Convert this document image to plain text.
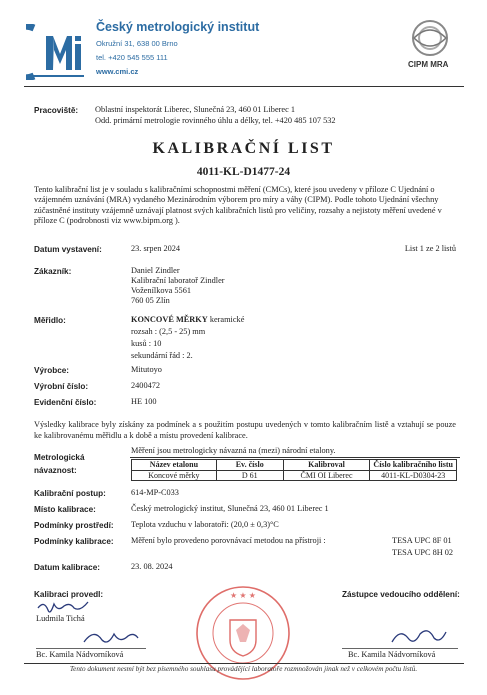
Český metrologický institut
Okružní 31, 638 00 Brno
tel. +420 545 555 111
www.cmi.cz
CIPM MRA
Pracoviště: Oblastní inspektorát Liberec, Slunečná 23, 460 01 Liberec 1
Odd. primární metrologie rovinného úhlu a délky, tel. +420 485 107 532
KALIBRAČNÍ LIST
4011-KL-D1477-24
Tento kalibrační list je v souladu s kalibračními schopnostmi měření (CMCs), které jsou uvedeny v příloze C Ujednání o vzájemném uznávání (MRA) vydaného Mezinárodním výborem pro míry a váhy (CIPM). Podle tohoto Ujednání všechny zúčastněné instituty vzájemně uznávají platnost svých kalibračních listů pro veličiny, rozsahy a nejistoty měření uvedené v příloze C (podrobnosti viz www.bipm.org ).
Datum vystavení:	23. srpen 2024	List 1 ze 2 listů
Zákazník:	Daniel Zindler
Kalibrační laboratoř Zindler
Voženílkova 5561
760 05 Zlín
Měřidlo:	KONCOVÉ MĚRKY keramické
rozsah : (2,5 - 25) mm
kusů : 10
sekundární řád : 2.
Výrobce:	Mitutoyo
Výrobní číslo:	2400472
Evidenční číslo:	HE 100
Výsledky kalibrace byly získány za podmínek a s použitím postupu uvedených v tomto kalibračním listě a vztahují se pouze ke kalibrovanému měřidlu a k době a místu provedení kalibrace.
Metrologická návaznost:
Měření jsou metrologicky návazná na (mezi) národní etalony.
Název etalonu	Ev. číslo	Kalibroval	Číslo kalibračního listu
Koncové měrky	D 61	ČMI OI Liberec	4011-KL-D0304-23
Kalibrační postup:	614-MP-C033
Místo kalibrace:	Český metrologický institut, Slunečná 23, 460 01 Liberec 1
Podmínky prostředí: Teplota vzduchu v laboratoři: (20,0 ± 0,3)°C
Podmínky kalibrace: Měření bylo provedeno porovnávací metodou na přístroji :	TESA UPC 8F 01
TESA UPC 8H 02
Datum kalibrace:	23. 08. 2024
Kalibraci provedl:
Ludmila Tichá
Zástupce vedoucího oddělení:
★ ★ ★
Bc. Kamila Nádvorníková	Bc. Kamila Nádvorníková
Tento dokument nesmí být bez písemného souhlasu provádějící laboratoře rozmnožován jinak než v celkovém počtu listů.
